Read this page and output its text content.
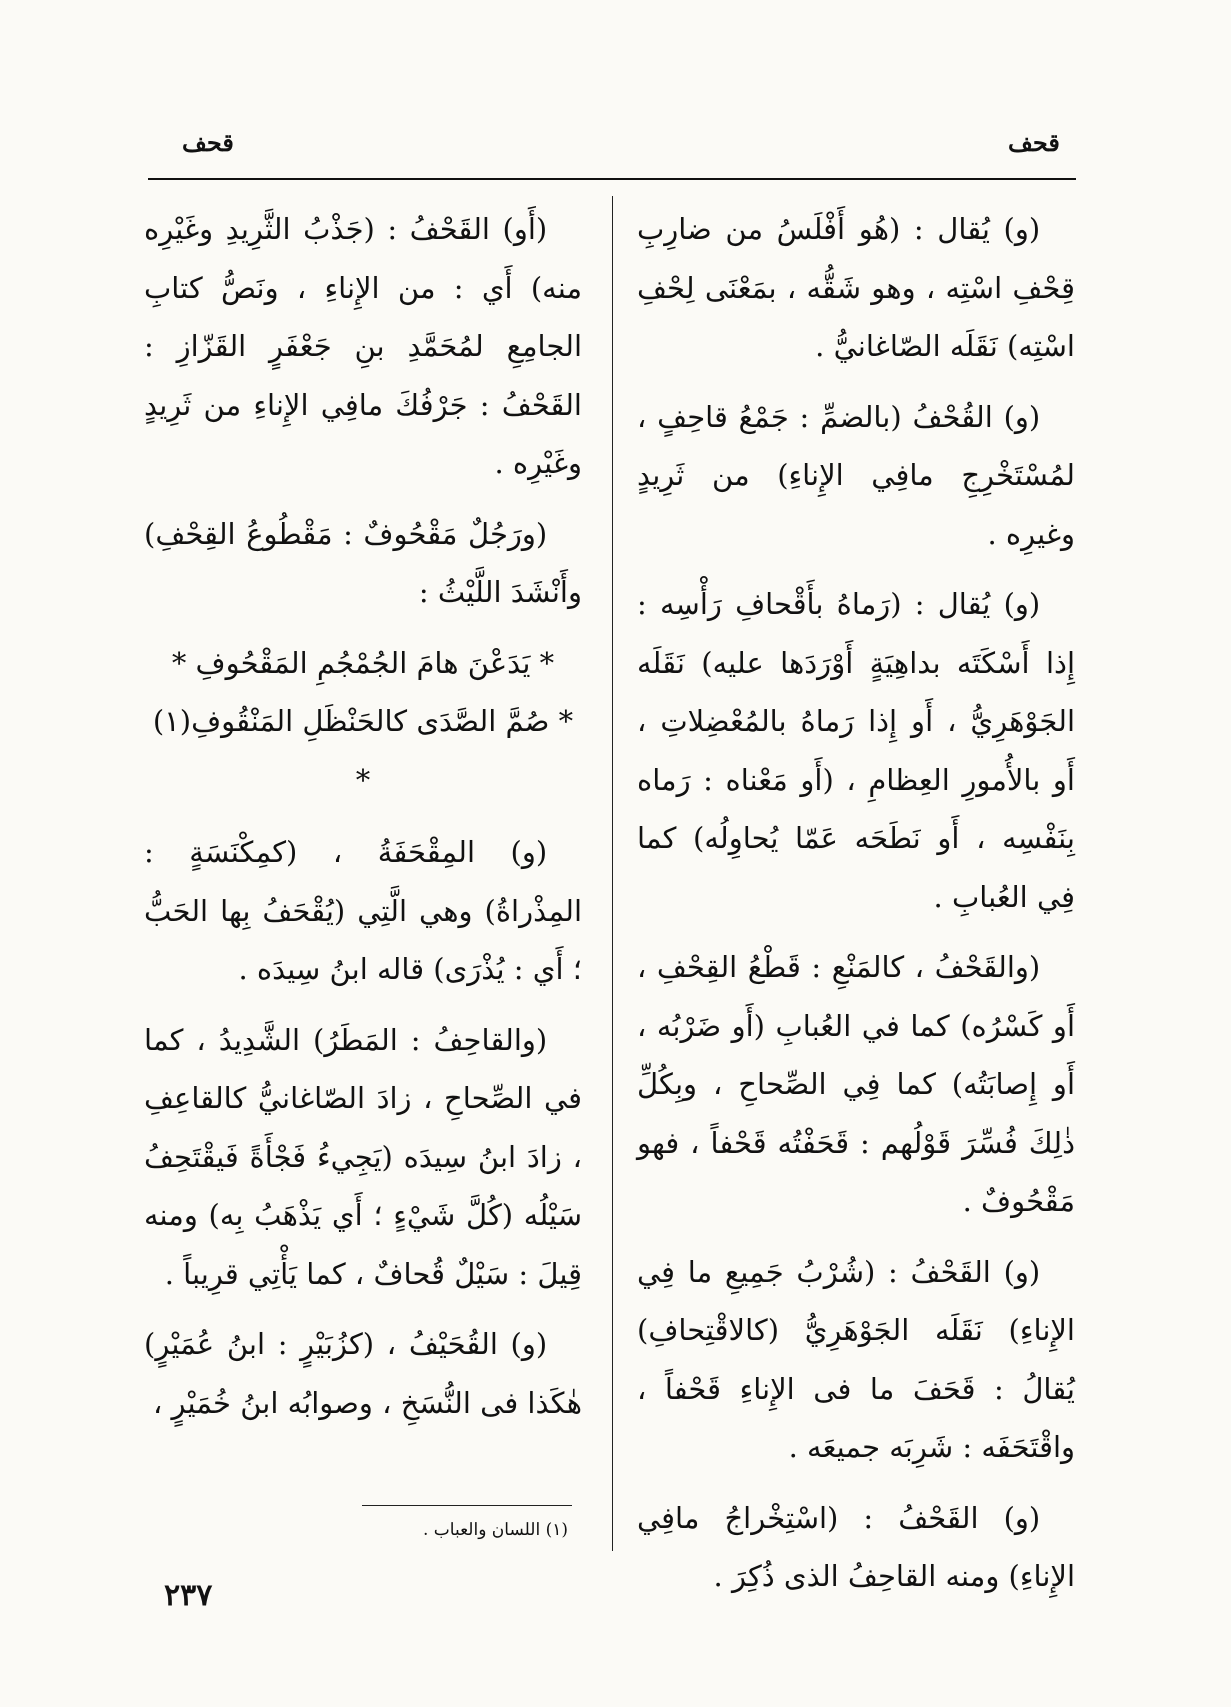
قحف
قحف

(و) يُقال : (هُو أَفْلَسُ من ضارِبِ قِحْفِ اسْتِه ، وهو شَقُّه ، بمَعْنَى لِحْفِ اسْتِه) نَقَلَه الصّاغانيُّ .

(و) القُحْفُ (بالضمِّ : جَمْعُ قاحِفٍ ، لمُسْتَخْرِجِ مافِي الإِناءِ) من ثَرِيدٍ وغيرِه .

(و) يُقال : (رَماهُ بأَقْحافِ رَأْسِه : إِذا أَسْكَتَه بداهِيَةٍ أَوْرَدَها عليه) نَقَلَه الجَوْهَرِيُّ ، أَو إِذا رَماهُ بالمُعْضِلاتِ ، أَو بالأُمورِ العِظامِ ، (أَو مَعْناه : رَماه بِنَفْسِه ، أَو نَطَحَه عَمّا يُحاوِلُه) كما فِي العُبابِ .

(والقَحْفُ ، كالمَنْعِ : قَطْعُ القِحْفِ ، أَو كَسْرُه) كما في العُبابِ (أَو ضَرْبُه ، أَو إِصابَتُه) كما فِي الصِّحاحِ ، وبِكُلِّ ذٰلِكَ فُسِّرَ قَوْلُهم : قَحَفْتُه قَحْفاً ، فهو مَقْحُوفٌ .

(و) القَحْفُ : (شُرْبُ جَمِيعِ ما فِي الإِناءِ) نَقَلَه الجَوْهَرِيُّ (كالاقْتِحافِ) يُقالُ : قَحَفَ ما فى الإِناءِ قَحْفاً ، واقْتَحَفَه : شَرِبَه جميعَه .

(و) القَحْفُ : (اسْتِخْراجُ مافِي الإِناءِ) ومنه القاحِفُ الذى ذُكِرَ .

(أَو) القَحْفُ : (جَذْبُ الثَّرِيدِ وغَيْرِه منه) أَي : من الإِناءِ ، ونَصُّ كتابِ الجامِعِ لمُحَمَّدِ بنِ جَعْفَرٍ القَزّازِ : القَحْفُ : جَرْفُكَ مافِي الإِناءِ من ثَرِيدٍ وغَيْرِه .

(ورَجُلٌ مَقْحُوفٌ : مَقْطُوعُ القِحْفِ) وأَنْشَدَ اللَّيْثُ :

* يَدَعْنَ هامَ الجُمْجُمِ المَقْحُوفِ *

* صُمَّ الصَّدَى كالحَنْظَلِ المَنْقُوفِ(١) *

(و) المِقْحَفَةُ ، (كمِكْنَسَةٍ : المِذْراةُ) وهي الَّتِي (يُقْحَفُ بِها الحَبُّ ؛ أَي : يُذْرَى) قاله ابنُ سِيدَه .

(والقاحِفُ : المَطَرُ) الشَّدِيدُ ، كما في الصِّحاحِ ، زادَ الصّاغانيُّ كالقاعِفِ ، زادَ ابنُ سِيدَه (يَجِيءُ فَجْأَةً فَيقْتَحِفُ سَيْلُه (كُلَّ شَيْءٍ ؛ أَي يَذْهَبُ بِه) ومنه قِيلَ : سَيْلٌ قُحافٌ ، كما يَأْتِي قرِيباً .

(و) القُحَيْفُ ، (كزُبَيْرٍ : ابنُ عُمَيْرٍ) هٰكَذا فى النُّسَخِ ، وصوابُه ابنُ خُمَيْرٍ ،

(١) اللسان والعباب .
٢٣٧
